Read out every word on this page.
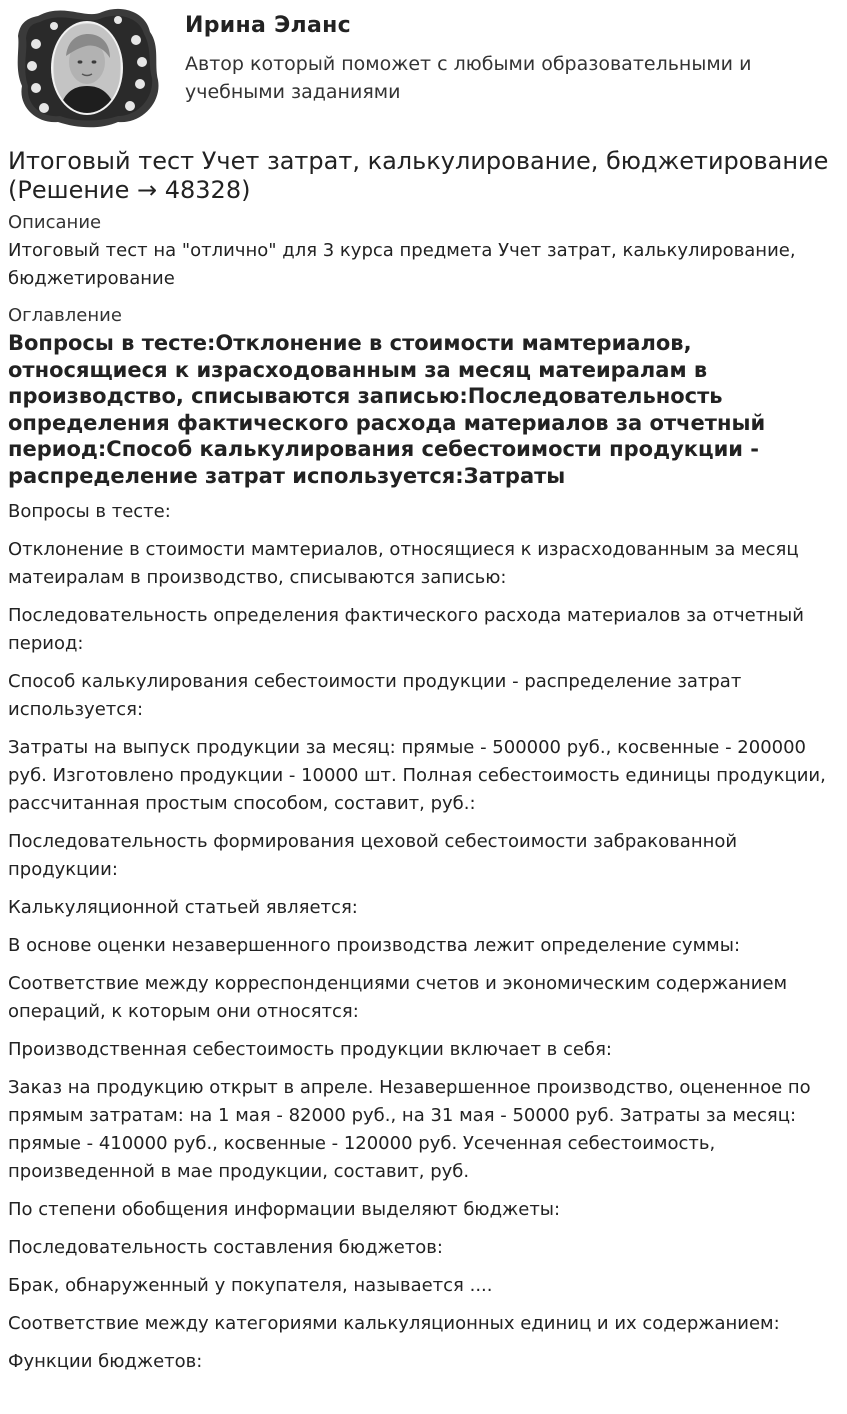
Ирина Эланс
Автор который поможет с любыми образовательными и учебными заданиями
Итоговый тест Учет затрат, калькулирование, бюджетирование (Решение → 48328)
Описание
Итоговый тест на "отлично" для 3 курса предмета Учет затрат, калькулирование, бюджетирование
Оглавление
Вопросы в тесте:Отклонение в стоимости мамтериалов, относящиеся к израсходованным за месяц матеиралам в производство, списываются записью:Последовательность определения фактического расхода материалов за отчетный период:Способ калькулирования себестоимости продукции - распределение затрат используется:Затраты
Вопросы в тесте:
Отклонение в стоимости мамтериалов, относящиеся к израсходованным за месяц матеиралам в производство, списываются записью:
Последовательность определения фактического расхода материалов за отчетный период:
Способ калькулирования себестоимости продукции - распределение затрат используется:
Затраты на выпуск продукции за месяц: прямые - 500000 руб., косвенные - 200000 руб. Изготовлено продукции - 10000 шт. Полная себестоимость единицы продукции, рассчитанная простым способом, составит, руб.:
Последовательность формирования цеховой себестоимости забракованной продукции:
Калькуляционной статьей является:
В основе оценки незавершенного производства лежит определение суммы:
Соответствие между корреспонденциями счетов и экономическим содержанием операций, к которым они относятся:
Производственная себестоимость продукции включает в себя:
Заказ на продукцию открыт в апреле. Незавершенное производство, оцененное по прямым затратам: на 1 мая - 82000 руб., на 31 мая - 50000 руб. Затраты за месяц: прямые - 410000 руб., косвенные - 120000 руб. Усеченная себестоимость, произведенной в мае продукции, составит, руб.
По степени обобщения информации выделяют бюджеты:
Последовательность составления бюджетов:
Брак, обнаруженный у покупателя, называется ....
Соответствие между категориями калькуляционных единиц и их содержанием:
Функции бюджетов:
